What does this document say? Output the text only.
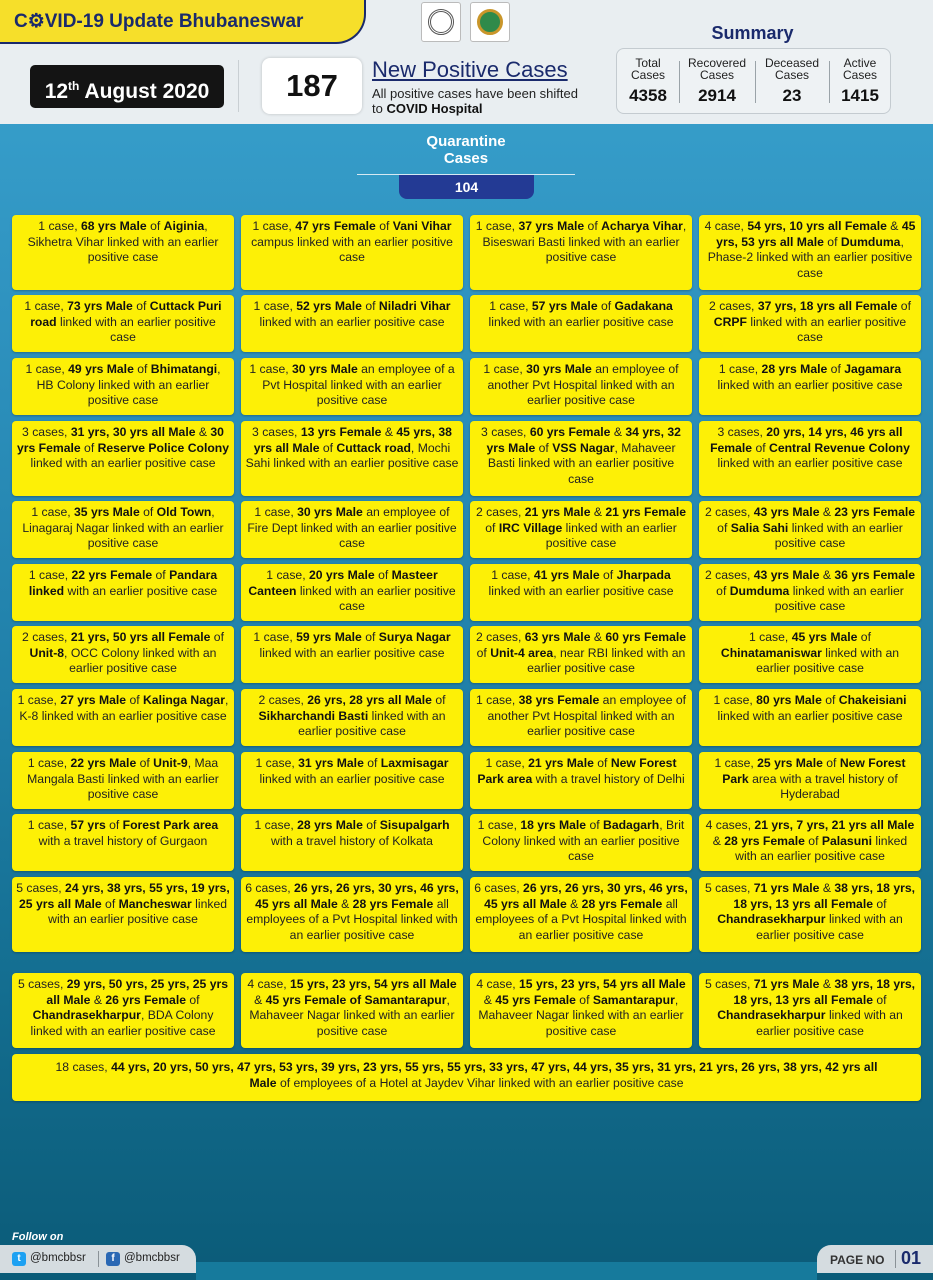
C⚙VID-19 Update Bhubaneswar
12th August 2020	187	New Positive Cases
All positive cases have been shifted
to COVID Hospital
Summary
Total
Cases
4358
Recovered
Cases
2914
Deceased
Cases
23
Active
Cases
1415
Quarantine
Cases
104
1 case, 68 yrs Male of Aiginia, Sikhetra Vihar linked with an earlier positive case
1 case, 47 yrs Female of Vani Vihar campus linked with an earlier positive case
1 case, 37 yrs Male of Acharya Vihar, Biseswari Basti linked with an earlier positive case
4 case, 54 yrs, 10 yrs all Female & 45 yrs, 53 yrs all Male of Dumduma, Phase-2 linked with an earlier positive case
1 case, 73 yrs Male of Cuttack Puri road linked with an earlier positive case
1 case, 52 yrs Male of Niladri Vihar linked with an earlier positive case
1 case, 57 yrs Male of Gadakana linked with an earlier positive case
2 cases, 37 yrs, 18 yrs all Female of CRPF linked with an earlier positive case
1 case, 49 yrs Male of Bhimatangi, HB Colony linked with an earlier positive case
1 case, 30 yrs Male an employee of a Pvt Hospital linked with an earlier positive case
1 case, 30 yrs Male an employee of another Pvt Hospital linked with an earlier positive case
1 case, 28 yrs Male of Jagamara linked with an earlier positive case
3 cases, 31 yrs, 30 yrs all Male & 30 yrs Female of Reserve Police Colony linked with an earlier positive case
3 cases, 13 yrs Female & 45 yrs, 38 yrs all Male of Cuttack road, Mochi Sahi linked with an earlier positive case
3 cases, 60 yrs Female & 34 yrs, 32 yrs Male of VSS Nagar, Mahaveer Basti linked with an earlier positive case
3 cases, 20 yrs, 14 yrs, 46 yrs all Female of Central Revenue Colony linked with an earlier positive case
1 case, 35 yrs Male of Old Town, Linagaraj Nagar linked with an earlier positive case
1 case, 30 yrs Male an employee of Fire Dept linked with an earlier positive case
2 cases, 21 yrs Male & 21 yrs Female of IRC Village linked with an earlier positive case
2 cases, 43 yrs Male & 23 yrs Female of Salia Sahi linked with an earlier positive case
1 case, 22 yrs Female of Pandara linked with an earlier positive case
1 case, 20 yrs Male of Masteer Canteen linked with an earlier positive case
1 case, 41 yrs Male of Jharpada linked with an earlier positive case
2 cases, 43 yrs Male & 36 yrs Female of Dumduma linked with an earlier positive case
2 cases, 21 yrs, 50 yrs all Female of Unit-8, OCC Colony linked with an earlier positive case
1 case, 59 yrs Male of Surya Nagar linked with an earlier positive case
2 cases, 63 yrs Male & 60 yrs Female of Unit-4 area, near RBI linked with an earlier positive case
1 case, 45 yrs Male of Chinatamaniswar linked with an earlier positive case
1 case, 27 yrs Male of Kalinga Nagar, K-8 linked with an earlier positive case
2 cases, 26 yrs, 28 yrs all Male of Sikharchandi Basti linked with an earlier positive case
1 case, 38 yrs Female an employee of another Pvt Hospital linked with an earlier positive case
1 case, 80 yrs Male of Chakeisiani linked with an earlier positive case
1 case, 22 yrs Male of Unit-9, Maa Mangala Basti linked with an earlier positive case
1 case, 31 yrs Male of Laxmisagar linked with an earlier positive case
1 case, 21 yrs Male of New Forest Park area with a travel history of Delhi
1 case, 25 yrs Male of New Forest Park area with a travel history of Hyderabad
1 case, 57 yrs of Forest Park area with a travel history of Gurgaon
1 case, 28 yrs Male of Sisupalgarh with a travel history of Kolkata
1 case, 18 yrs Male of Badagarh, Brit Colony linked with an earlier positive case
4 cases, 21 yrs, 7 yrs, 21 yrs all Male & 28 yrs Female of Palasuni linked with an earlier positive case
5 cases, 24 yrs, 38 yrs, 55 yrs, 19 yrs, 25 yrs all Male of Mancheswar linked with an earlier positive case
6 cases, 26 yrs, 26 yrs, 30 yrs, 46 yrs, 45 yrs all Male & 28 yrs Female all employees of a Pvt Hospital linked with an earlier positive case
6 cases, 26 yrs, 26 yrs, 30 yrs, 46 yrs, 45 yrs all Male & 28 yrs Female all employees of a Pvt Hospital linked with an earlier positive case
5 cases, 71 yrs Male & 38 yrs, 18 yrs, 18 yrs, 13 yrs all Female of Chandrasekharpur linked with an earlier positive case
5 cases, 29 yrs, 50 yrs, 25 yrs, 25 yrs all Male & 26 yrs Female of Chandrasekharpur, BDA Colony linked with an earlier positive case
4 case, 15 yrs, 23 yrs, 54 yrs all Male & 45 yrs Female of Samantarapur, Mahaveer Nagar linked with an earlier positive case
4 case, 15 yrs, 23 yrs, 54 yrs all Male & 45 yrs Female of Samantarapur, Mahaveer Nagar linked with an earlier positive case
5 cases, 71 yrs Male & 38 yrs, 18 yrs, 18 yrs, 13 yrs all Female of Chandrasekharpur linked with an earlier positive case
18 cases, 44 yrs, 20 yrs, 50 yrs, 47 yrs, 53 yrs, 39 yrs, 23 yrs, 55 yrs, 55 yrs, 33 yrs, 47 yrs, 44 yrs, 35 yrs, 31 yrs, 21 yrs, 26 yrs, 38 yrs, 42 yrs all Male of employees of a Hotel at Jaydev Vihar linked with an earlier positive case
Follow on
t @bmcbbsr	f @bmcbbsr	PAGE NO 01
